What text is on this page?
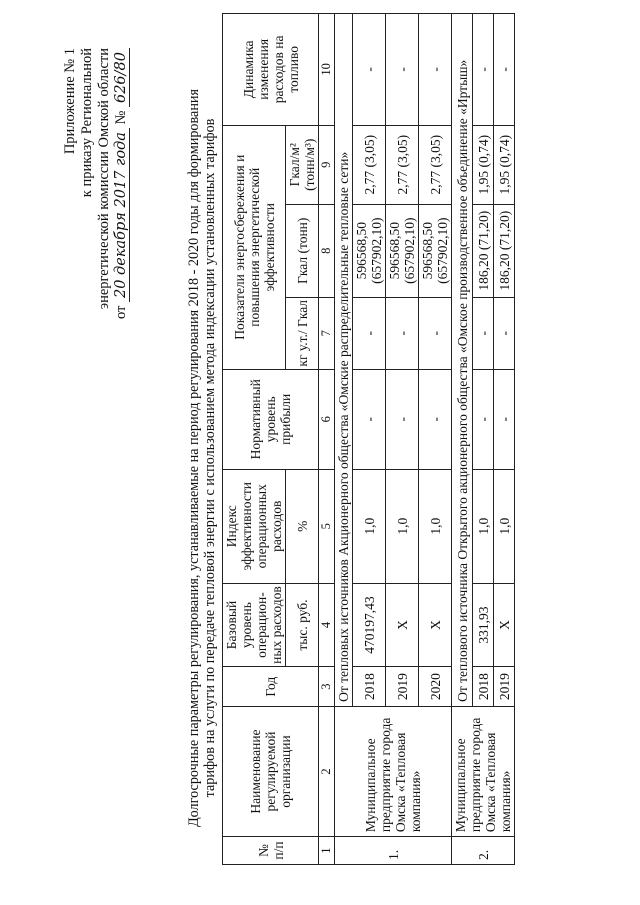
Приложение № 1 к приказу Региональной энергетической комиссии Омской области
от 20 декабря 2017 года № 626/80
Долгосрочные параметры регулирования, устанавливаемые на период регулирования 2018 - 2020 годы для формирования тарифов на услуги по передаче тепловой энергии с использованием метода индексации установленных тарифов
№ п/п	Наименование регулируемой организации	Год	Базовый уровень операцион-ных расходов	Индекс эффективности операционных расходов	Нормативный уровень прибыли	Показатели энергосбережения и повышения энергетической эффективности			Динамика изменения расходов на топливо
			тыс. руб.	%		кг у.т./ Гкал	Гкал (тонн)	Гкал/м² (тонн/м³)	
1	2	3	4	5	6	7	8	9	10
1.	Муниципальное предприятие города Омска «Тепловая компания»	От тепловых источников Акционерного общества «Омские распределительные тепловые сети»							
		2018	470197,43	1,0	-	-	596568,50 (657902,10)	2,77 (3,05)	-
		2019	X	1,0	-	-	596568,50 (657902,10)	2,77 (3,05)	-
		2020	X	1,0	-	-	596568,50 (657902,10)	2,77 (3,05)	-
2.	Муниципальное предприятие города Омска «Тепловая компания»	От теплового источника Открытого акционерного общества «Омское производственное объединение «Иртыш»							
		2018	331,93	1,0	-	-	186,20 (71,20)	1,95 (0,74)	-
		2019	X	1,0	-	-	186,20 (71,20)	1,95 (0,74)	-
